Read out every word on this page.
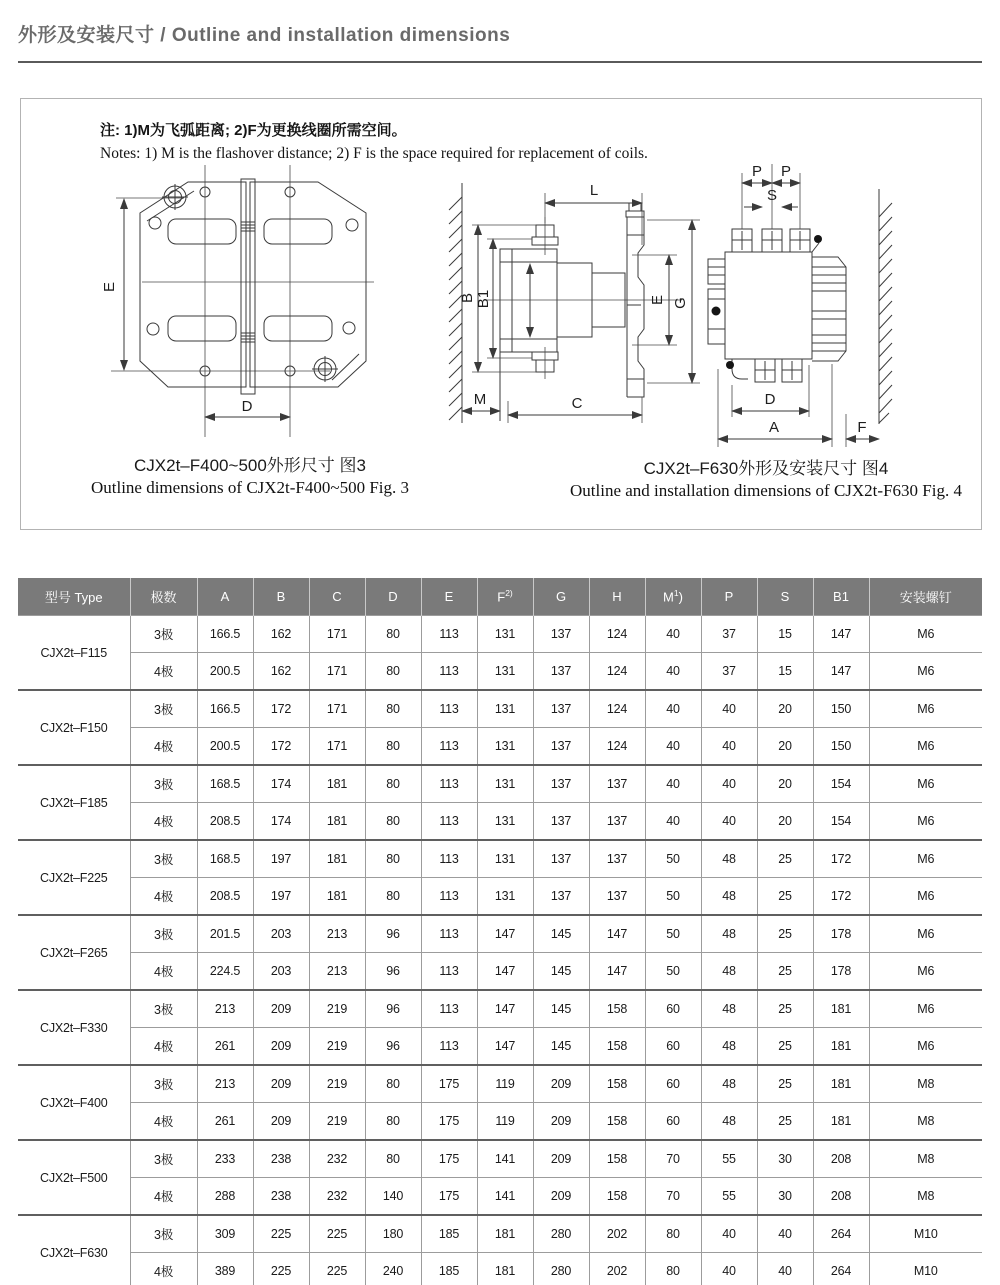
外形及安装尺寸 / Outline and installation dimensions
注: 1)M为飞弧距离; 2)F为更换线圈所需空间。
Notes: 1) M is the flashover distance; 2) F is the space required for replacement of coils.
E
D
L
B B1	E G
M	C
P P
S
D
A	F
CJX2t–F400~500外形尺寸 图3
Outline dimensions of CJX2t-F400~500 Fig. 3
CJX2t–F630外形及安装尺寸 图4
Outline and installation dimensions of CJX2t-F630 Fig. 4
型号 Type	极数	A	B	C	D	E	$F^{2)}$	G	H	$M^1$)	P	S	B1	安装螺钉
CJX2t–F115	3极	166.5	162	171	80	113	131	137	124	40	37	15	147	M6
	4极	200.5	162	171	80	113	131	137	124	40	37	15	147	M6
CJX2t–F150	3极	166.5	172	171	80	113	131	137	124	40	40	20	150	M6
	4极	200.5	172	171	80	113	131	137	124	40	40	20	150	M6
CJX2t–F185	3极	168.5	174	181	80	113	131	137	137	40	40	20	154	M6
	4极	208.5	174	181	80	113	131	137	137	40	40	20	154	M6
CJX2t–F225	3极	168.5	197	181	80	113	131	137	137	50	48	25	172	M6
	4极	208.5	197	181	80	113	131	137	137	50	48	25	172	M6
CJX2t–F265	3极	201.5	203	213	96	113	147	145	147	50	48	25	178	M6
	4极	224.5	203	213	96	113	147	145	147	50	48	25	178	M6
CJX2t–F330	3极	213	209	219	96	113	147	145	158	60	48	25	181	M6
	4极	261	209	219	96	113	147	145	158	60	48	25	181	M6
CJX2t–F400	3极	213	209	219	80	175	119	209	158	60	48	25	181	M8
	4极	261	209	219	80	175	119	209	158	60	48	25	181	M8
CJX2t–F500	3极	233	238	232	80	175	141	209	158	70	55	30	208	M8
	4极	288	238	232	140	175	141	209	158	70	55	30	208	M8
CJX2t–F630	3极	309	225	225	180	185	181	280	202	80	40	40	264	M10
	4极	389	225	225	240	185	181	280	202	80	40	40	264	M10
